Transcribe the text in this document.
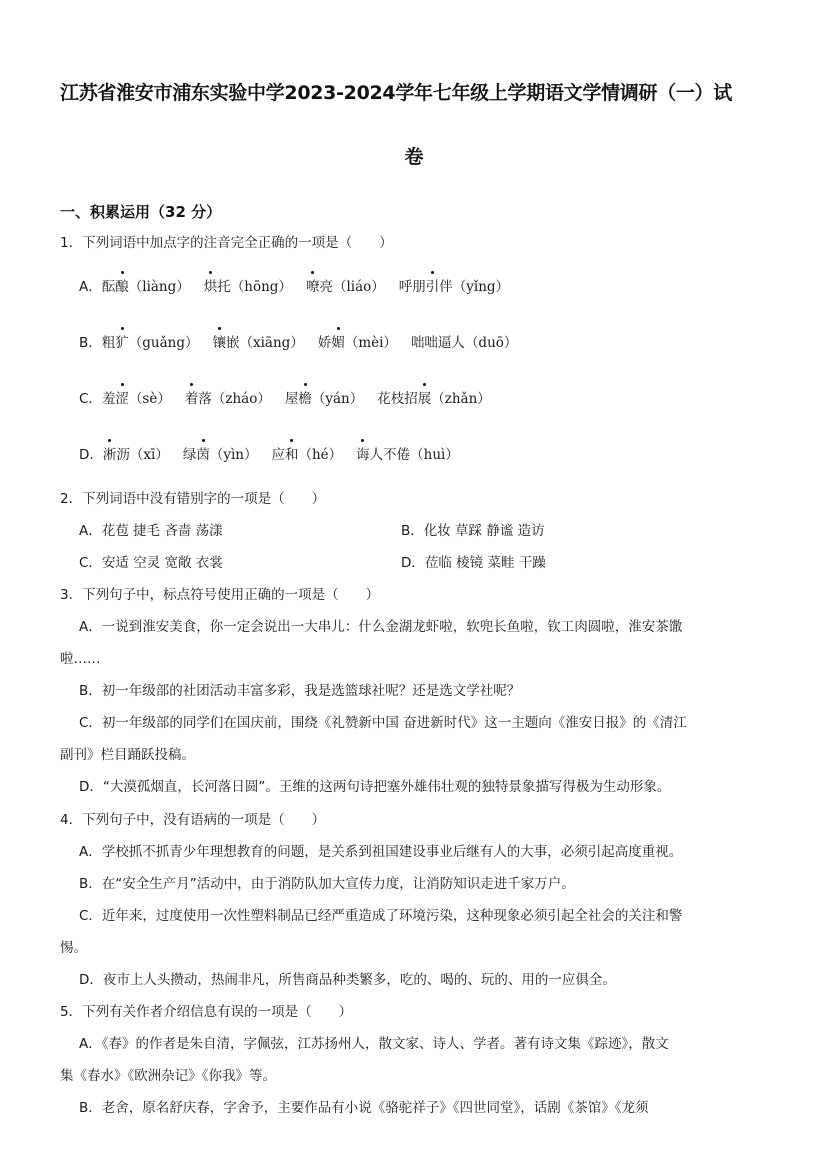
江苏省淮安市浦东实验中学2023-2024学年七年级上学期语文学情调研（一）试
卷
一、积累运用（32 分）
1．下列词语中加点字的注音完全正确的一项是（　　）
A．酝酿（liàng） 烘托（hōng） 嘹亮（liáo） 呼朋引伴（yǐng）
B．粗犷（guǎng） 镶嵌（xiāng） 娇媚（mèi） 咄咄逼人（duō）
C．羞涩（sè） 着落（zháo） 屋檐（yán） 花枝招展（zhǎn）
D．淅沥（xī） 绿茵（yìn） 应和（hé） 诲人不倦（huì）
2．下列词语中没有错别字的一项是（　　）
A．花苞 捷毛 吝啬 荡漾	B．化妆 草踩 静谧 造访
C．安适 空灵 宽敞 衣裳	D．莅临 棱镜 菜畦 干躁
3．下列句子中，标点符号使用正确的一项是（　　）
A．一说到淮安美食，你一定会说出一大串儿：什么金湖龙虾啦，软兜长鱼啦，钦工肉圆啦，淮安茶馓
啦……
B．初一年级部的社团活动丰富多彩，我是选篮球社呢？还是选文学社呢？
C．初一年级部的同学们在国庆前，围绕《礼赞新中国 奋进新时代》这一主题向《淮安日报》的《清江
副刊》栏目踊跃投稿。
D．“大漠孤烟直，长河落日圆”。王维的这两句诗把塞外雄伟壮观的独特景象描写得极为生动形象。
4．下列句子中，没有语病的一项是（　　）
A．学校抓不抓青少年理想教育的问题，是关系到祖国建设事业后继有人的大事，必须引起高度重视。
B．在“安全生产月”活动中，由于消防队加大宣传力度，让消防知识走进千家万户。
C．近年来，过度使用一次性塑料制品已经严重造成了环境污染，这种现象必须引起全社会的关注和警
惕。
D．夜市上人头攒动，热闹非凡，所售商品种类繁多，吃的、喝的、玩的、用的一应俱全。
5．下列有关作者介绍信息有误的一项是（　　）
A．《春》的作者是朱自清，字佩弦，江苏扬州人，散文家、诗人、学者。著有诗文集《踪迹》，散文
集《春水》《欧洲杂记》《你我》等。
B．老舍，原名舒庆春，字舍予，主要作品有小说《骆驼祥子》《四世同堂》，话剧《茶馆》《龙须
